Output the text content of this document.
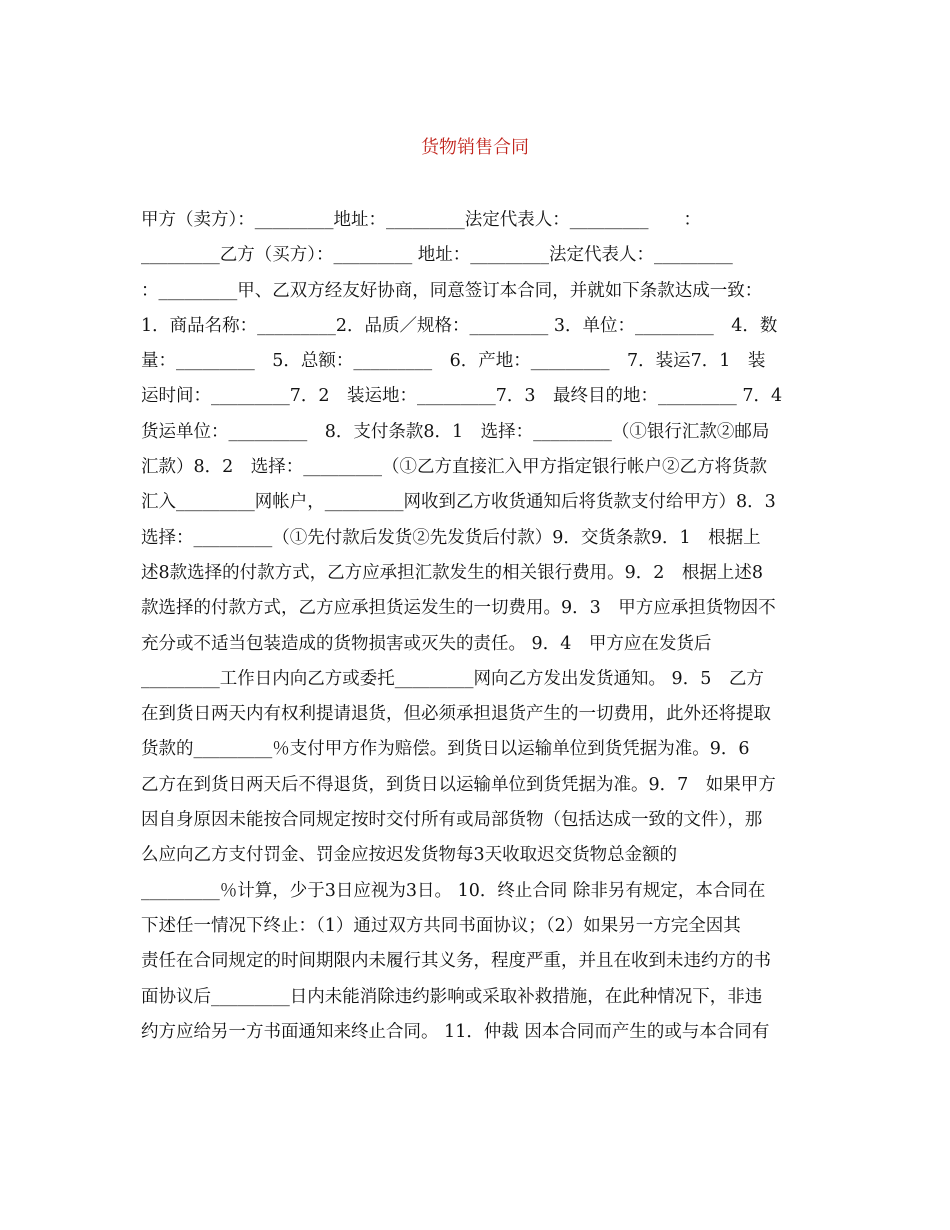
货物销售合同
甲方（卖方）：_________地址：_________法定代表人：_________　　：
_________乙方（买方）：_________ 地址：_________法定代表人：_________
：_________甲、乙双方经友好协商，同意签订本合同，并就如下条款达成一致：
1．商品名称：_________2．品质／规格：_________ 3．单位：_________　4．数
量：_________　5．总额：_________　6．产地：_________　7．装运7．1　装
运时间：_________7．2　装运地：_________7．3　最终目的地：_________ 7．4
货运单位：_________　8．支付条款8．1　选择：_________（①银行汇款②邮局
汇款）8．2　选择：_________（①乙方直接汇入甲方指定银行帐户②乙方将货款
汇入_________网帐户，_________网收到乙方收货通知后将货款支付给甲方）8．3
选择：_________（①先付款后发货②先发货后付款）9．交货条款9．1　根据上
述8款选择的付款方式，乙方应承担汇款发生的相关银行费用。9．2　根据上述8
款选择的付款方式，乙方应承担货运发生的一切费用。9．3　甲方应承担货物因不
充分或不适当包装造成的货物损害或灭失的责任。 9．4　甲方应在发货后
_________工作日内向乙方或委托_________网向乙方发出发货通知。 9．5　乙方
在到货日两天内有权利提请退货，但必须承担退货产生的一切费用，此外还将提取
货款的_________％支付甲方作为赔偿。到货日以运输单位到货凭据为准。9．6
乙方在到货日两天后不得退货，到货日以运输单位到货凭据为准。9．7　如果甲方
因自身原因未能按合同规定按时交付所有或局部货物（包括达成一致的文件），那
么应向乙方支付罚金、罚金应按迟发货物每3天收取迟交货物总金额的
_________％计算，少于3日应视为3日。 10．终止合同 除非另有规定，本合同在
下述任一情况下终止：（1）通过双方共同书面协议；（2）如果另一方完全因其
责任在合同规定的时间期限内未履行其义务，程度严重，并且在收到未违约方的书
面协议后_________日内未能消除违约影响或采取补救措施，在此种情况下，非违
约方应给另一方书面通知来终止合同。 11．仲裁 因本合同而产生的或与本合同有
